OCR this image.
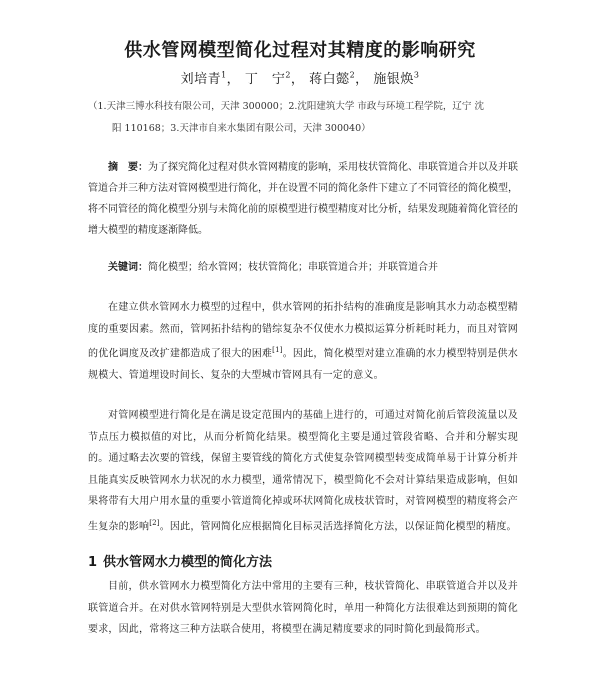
供水管网模型简化过程对其精度的影响研究
刘培青$^1$， 丁　宁$^2$， 蒋白懿$^2$， 施银焕$^3$
（1.天津三博水科技有限公司，天津 300000；2.沈阳建筑大学 市政与环境工程学院，辽宁 沈
阳 110168；3.天津市自来水集团有限公司，天津 300040）
摘　要：为了探究简化过程对供水管网精度的影响，采用枝状管简化、串联管道合并以及并联管道合并三种方法对管网模型进行简化，并在设置不同的简化条件下建立了不同管径的简化模型，将不同管径的简化模型分别与未简化前的原模型进行模型精度对比分析，结果发现随着简化管径的增大模型的精度逐渐降低。
关键词：简化模型；给水管网；枝状管简化；串联管道合并；并联管道合并
在建立供水管网水力模型的过程中，供水管网的拓扑结构的准确度是影响其水力动态模型精度的重要因素。然而，管网拓扑结构的错综复杂不仅使水力模拟运算分析耗时耗力，而且对管网的优化调度及改扩建都造成了很大的困难[1]。因此，简化模型对建立准确的水力模型特别是供水规模大、管道埋设时间长、复杂的大型城市管网具有一定的意义。
对管网模型进行简化是在满足设定范围内的基础上进行的，可通过对简化前后管段流量以及节点压力模拟值的对比，从而分析简化结果。模型简化主要是通过管段省略、合并和分解实现的。通过略去次要的管线，保留主要管线的简化方式使复杂管网模型转变成简单易于计算分析并且能真实反映管网水力状况的水力模型，通常情况下，模型简化不会对计算结果造成影响，但如果将带有大用户用水量的重要小管道简化掉或环状网简化成枝状管时，对管网模型的精度将会产生复杂的影响[2]。因此，管网简化应根据简化目标灵活选择简化方法，以保证简化模型的精度。
1 供水管网水力模型的简化方法
目前，供水管网水力模型简化方法中常用的主要有三种，枝状管简化、串联管道合并以及并联管道合并。在对供水管网特别是大型供水管网简化时，单用一种简化方法很难达到预期的简化要求，因此，常将这三种方法联合使用，将模型在满足精度要求的同时简化到最简形式。
